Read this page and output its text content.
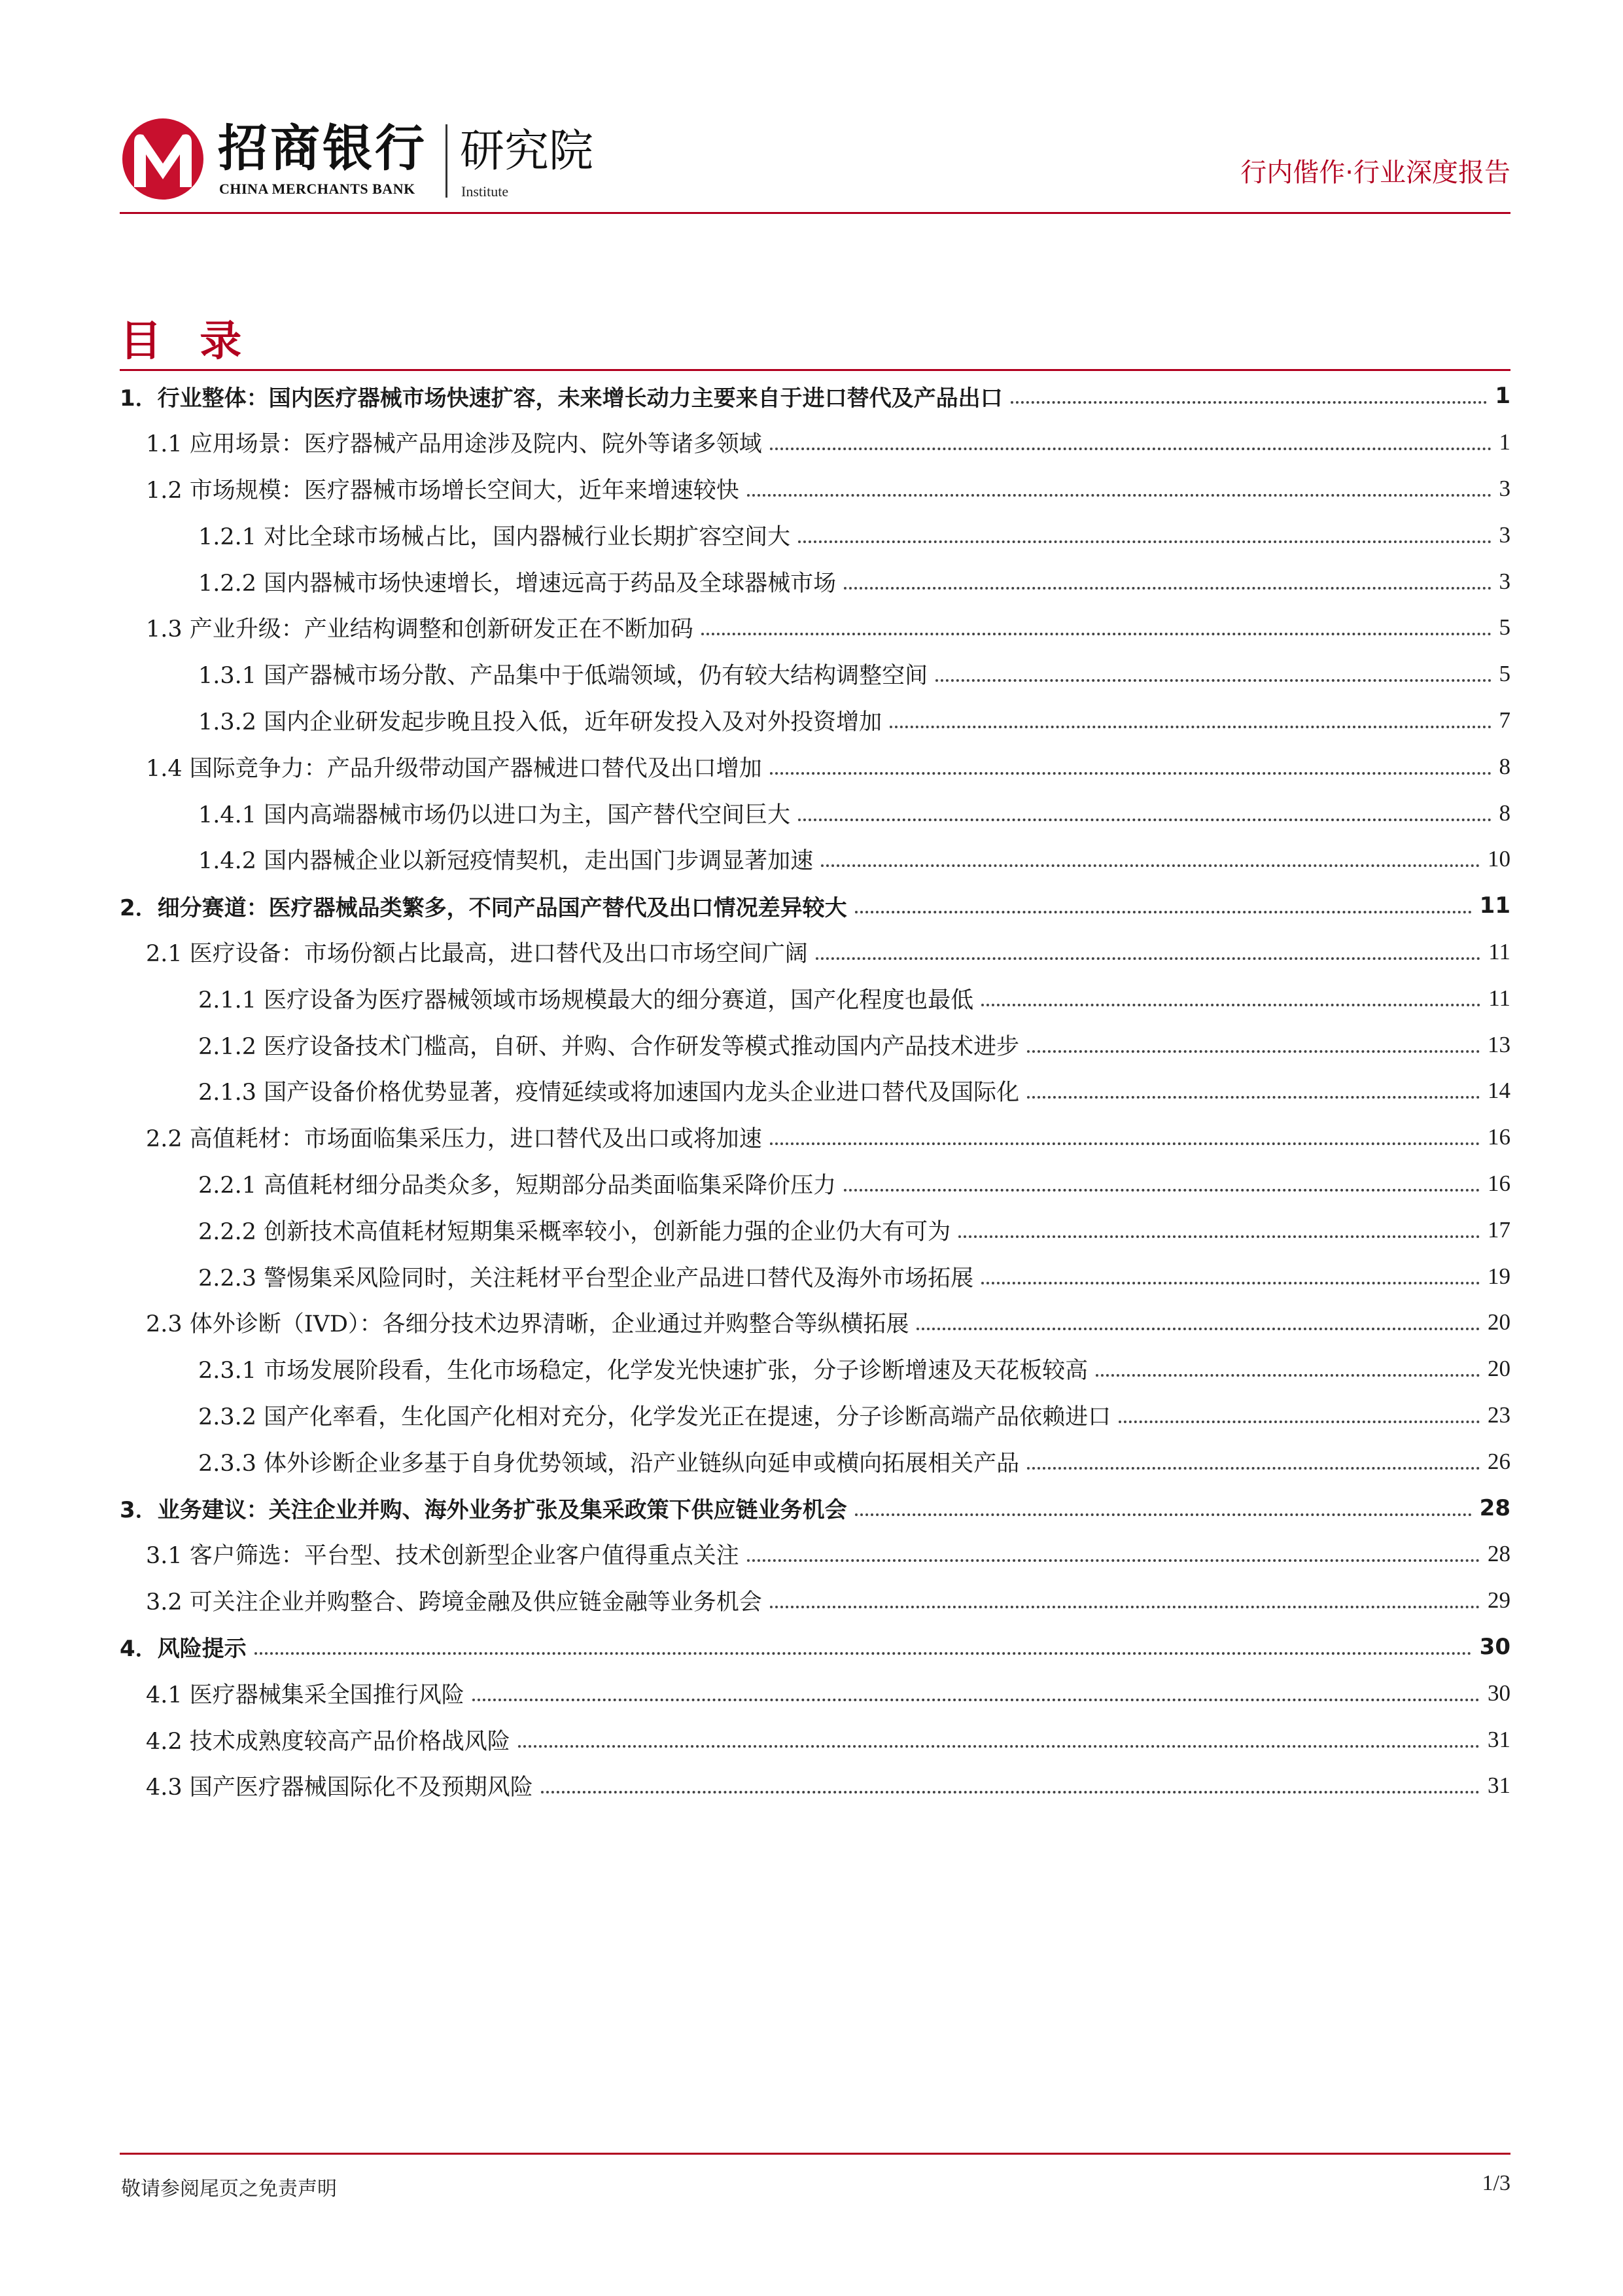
招商银行
CHINA MERCHANTS BANK
研究院
Institute
行内偕作·行业深度报告
目 录
1．行业整体：国内医疗器械市场快速扩容，未来增长动力主要来自于进口替代及产品出口	1
1.1 应用场景：医疗器械产品用途涉及院内、院外等诸多领域	1
1.2 市场规模：医疗器械市场增长空间大，近年来增速较快	3
1.2.1 对比全球市场械占比，国内器械行业长期扩容空间大	3
1.2.2 国内器械市场快速增长，增速远高于药品及全球器械市场	3
1.3 产业升级：产业结构调整和创新研发正在不断加码	5
1.3.1 国产器械市场分散、产品集中于低端领域，仍有较大结构调整空间	5
1.3.2 国内企业研发起步晚且投入低，近年研发投入及对外投资增加	7
1.4 国际竞争力：产品升级带动国产器械进口替代及出口增加	8
1.4.1 国内高端器械市场仍以进口为主，国产替代空间巨大	8
1.4.2 国内器械企业以新冠疫情契机，走出国门步调显著加速	10
2．细分赛道：医疗器械品类繁多，不同产品国产替代及出口情况差异较大	11
2.1 医疗设备：市场份额占比最高，进口替代及出口市场空间广阔	11
2.1.1 医疗设备为医疗器械领域市场规模最大的细分赛道，国产化程度也最低	11
2.1.2 医疗设备技术门槛高，自研、并购、合作研发等模式推动国内产品技术进步	13
2.1.3 国产设备价格优势显著，疫情延续或将加速国内龙头企业进口替代及国际化	14
2.2 高值耗材：市场面临集采压力，进口替代及出口或将加速	16
2.2.1 高值耗材细分品类众多，短期部分品类面临集采降价压力	16
2.2.2 创新技术高值耗材短期集采概率较小，创新能力强的企业仍大有可为	17
2.2.3 警惕集采风险同时，关注耗材平台型企业产品进口替代及海外市场拓展	19
2.3 体外诊断（IVD）：各细分技术边界清晰，企业通过并购整合等纵横拓展	20
2.3.1 市场发展阶段看，生化市场稳定，化学发光快速扩张，分子诊断增速及天花板较高	20
2.3.2 国产化率看，生化国产化相对充分，化学发光正在提速，分子诊断高端产品依赖进口	23
2.3.3 体外诊断企业多基于自身优势领域，沿产业链纵向延申或横向拓展相关产品	26
3．业务建议：关注企业并购、海外业务扩张及集采政策下供应链业务机会	28
3.1 客户筛选：平台型、技术创新型企业客户值得重点关注	28
3.2 可关注企业并购整合、跨境金融及供应链金融等业务机会	29
4．风险提示	30
4.1 医疗器械集采全国推行风险	30
4.2 技术成熟度较高产品价格战风险	31
4.3 国产医疗器械国际化不及预期风险	31
敬请参阅尾页之免责声明	1/3
